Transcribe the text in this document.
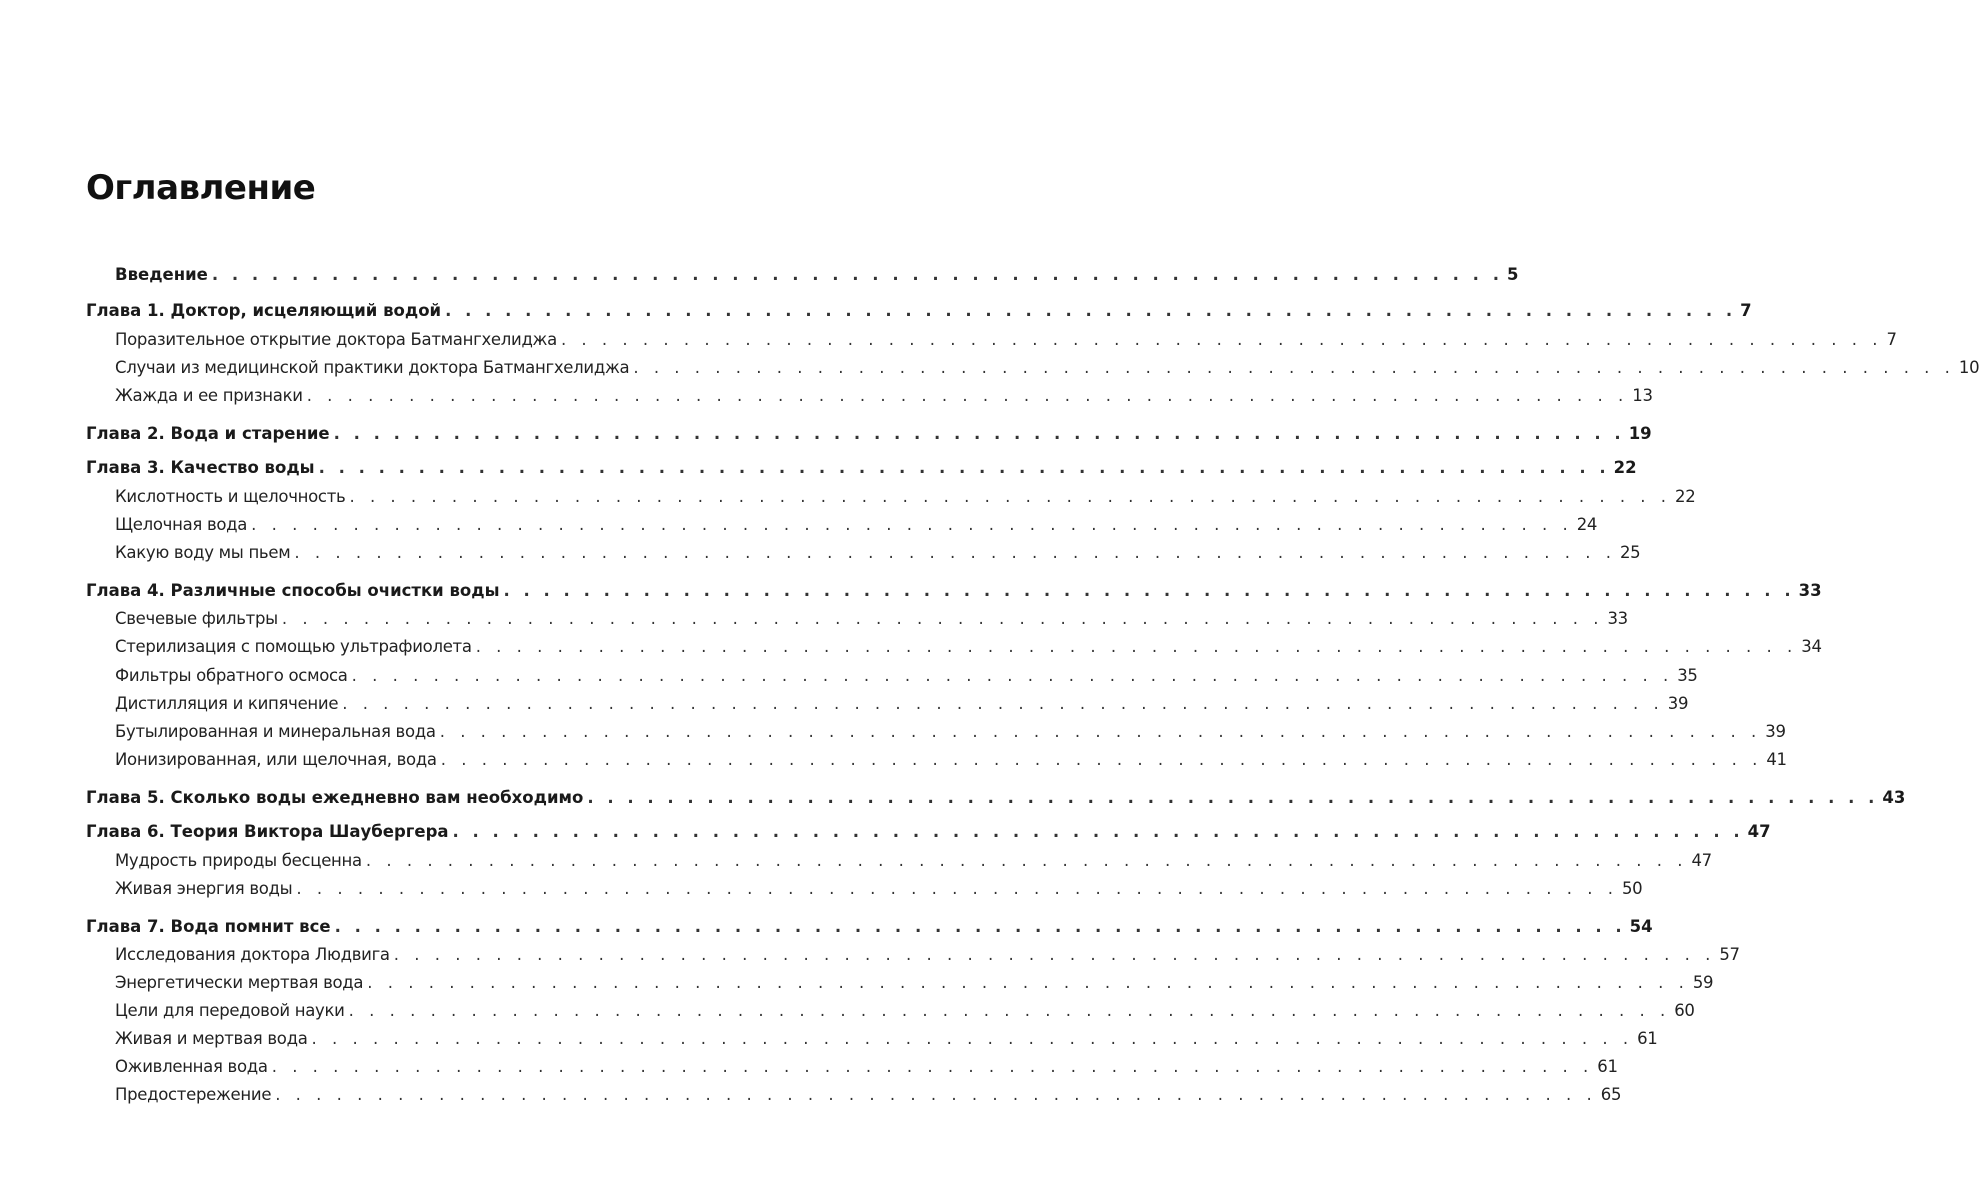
Оглавление
Введение . . . . . . . . . . . . . . . . . . . . . . . . . . . . . . . . . . . . . . . . . . . . . . . . . . . . . . . . . . . . . . . . . 5
Глава 1. Доктор, исцеляющий водой . . . . . . . . . . . . . . . . . . . . . . . . . . . . . . . . . . . . . . . . . . . . . . . . . . . . . . . . . . . . . . . . . 7
Поразительное открытие доктора Батмангхелиджа . . . . . . . . . . . . . . . . . . . . . . . . . . . . . . . . . . . . . . . . . . . . . . . . . . . . . . . . . . . . . . . . . 7
Случаи из медицинской практики доктора Батмангхелиджа . . . . . . . . . . . . . . . . . . . . . . . . . . . . . . . . . . . . . . . . . . . . . . . . . . . . . . . . . . . . . . . . . 10
Жажда и ее признаки . . . . . . . . . . . . . . . . . . . . . . . . . . . . . . . . . . . . . . . . . . . . . . . . . . . . . . . . . . . . . . . . . 13
Глава 2. Вода и старение . . . . . . . . . . . . . . . . . . . . . . . . . . . . . . . . . . . . . . . . . . . . . . . . . . . . . . . . . . . . . . . . . 19
Глава 3. Качество воды . . . . . . . . . . . . . . . . . . . . . . . . . . . . . . . . . . . . . . . . . . . . . . . . . . . . . . . . . . . . . . . . . 22
Кислотность и щелочность . . . . . . . . . . . . . . . . . . . . . . . . . . . . . . . . . . . . . . . . . . . . . . . . . . . . . . . . . . . . . . . . . 22
Щелочная вода . . . . . . . . . . . . . . . . . . . . . . . . . . . . . . . . . . . . . . . . . . . . . . . . . . . . . . . . . . . . . . . . . 24
Какую воду мы пьем . . . . . . . . . . . . . . . . . . . . . . . . . . . . . . . . . . . . . . . . . . . . . . . . . . . . . . . . . . . . . . . . . 25
Глава 4. Различные способы очистки воды . . . . . . . . . . . . . . . . . . . . . . . . . . . . . . . . . . . . . . . . . . . . . . . . . . . . . . . . . . . . . . . . . 33
Свечевые фильтры . . . . . . . . . . . . . . . . . . . . . . . . . . . . . . . . . . . . . . . . . . . . . . . . . . . . . . . . . . . . . . . . . 33
Стерилизация с помощью ультрафиолета . . . . . . . . . . . . . . . . . . . . . . . . . . . . . . . . . . . . . . . . . . . . . . . . . . . . . . . . . . . . . . . . . 34
Фильтры обратного осмоса . . . . . . . . . . . . . . . . . . . . . . . . . . . . . . . . . . . . . . . . . . . . . . . . . . . . . . . . . . . . . . . . . 35
Дистилляция и кипячение . . . . . . . . . . . . . . . . . . . . . . . . . . . . . . . . . . . . . . . . . . . . . . . . . . . . . . . . . . . . . . . . . 39
Бутылированная и минеральная вода . . . . . . . . . . . . . . . . . . . . . . . . . . . . . . . . . . . . . . . . . . . . . . . . . . . . . . . . . . . . . . . . . 39
Ионизированная, или щелочная, вода . . . . . . . . . . . . . . . . . . . . . . . . . . . . . . . . . . . . . . . . . . . . . . . . . . . . . . . . . . . . . . . . . 41
Глава 5. Сколько воды ежедневно вам необходимо . . . . . . . . . . . . . . . . . . . . . . . . . . . . . . . . . . . . . . . . . . . . . . . . . . . . . . . . . . . . . . . . . 43
Глава 6. Теория Виктора Шаубергера . . . . . . . . . . . . . . . . . . . . . . . . . . . . . . . . . . . . . . . . . . . . . . . . . . . . . . . . . . . . . . . . . 47
Мудрость природы бесценна . . . . . . . . . . . . . . . . . . . . . . . . . . . . . . . . . . . . . . . . . . . . . . . . . . . . . . . . . . . . . . . . . 47
Живая энергия воды . . . . . . . . . . . . . . . . . . . . . . . . . . . . . . . . . . . . . . . . . . . . . . . . . . . . . . . . . . . . . . . . . 50
Глава 7. Вода помнит все . . . . . . . . . . . . . . . . . . . . . . . . . . . . . . . . . . . . . . . . . . . . . . . . . . . . . . . . . . . . . . . . . 54
Исследования доктора Людвига . . . . . . . . . . . . . . . . . . . . . . . . . . . . . . . . . . . . . . . . . . . . . . . . . . . . . . . . . . . . . . . . . 57
Энергетически мертвая вода . . . . . . . . . . . . . . . . . . . . . . . . . . . . . . . . . . . . . . . . . . . . . . . . . . . . . . . . . . . . . . . . . 59
Цели для передовой науки . . . . . . . . . . . . . . . . . . . . . . . . . . . . . . . . . . . . . . . . . . . . . . . . . . . . . . . . . . . . . . . . . 60
Живая и мертвая вода . . . . . . . . . . . . . . . . . . . . . . . . . . . . . . . . . . . . . . . . . . . . . . . . . . . . . . . . . . . . . . . . . 61
Оживленная вода . . . . . . . . . . . . . . . . . . . . . . . . . . . . . . . . . . . . . . . . . . . . . . . . . . . . . . . . . . . . . . . . . 61
Предостережение . . . . . . . . . . . . . . . . . . . . . . . . . . . . . . . . . . . . . . . . . . . . . . . . . . . . . . . . . . . . . . . . . 65
